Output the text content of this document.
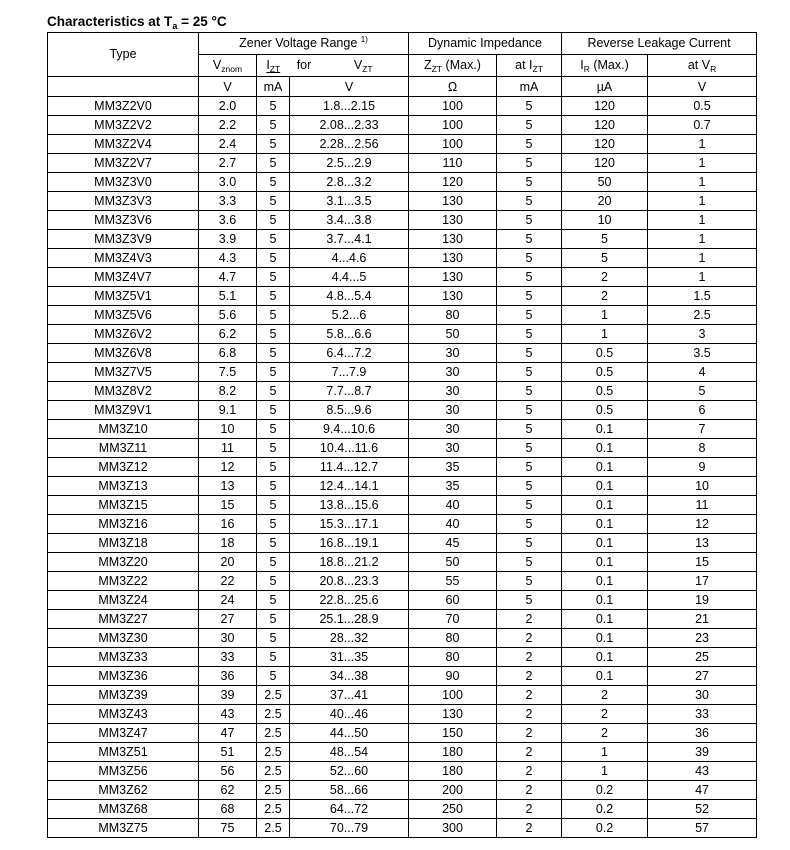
Characteristics at $T_a = 25$ °C
Type	Zener Voltage Range $^{1)}$				Dynamic Impedance		Reverse Leakage Current	
	$V_{znom}$	$I_{ZT}$	for	$V_{ZT}$	$Z_{ZT}$ (Max.)	at $I_{ZT}$	$I_R$ (Max.)	at $V_R$
	V	mA	V		Ω	mA	µA	V
MM3Z2V0	2.0	5	1.8...2.15		100	5	120	0.5
MM3Z2V2	2.2	5	2.08...2.33		100	5	120	0.7
MM3Z2V4	2.4	5	2.28...2.56		100	5	120	1
MM3Z2V7	2.7	5	2.5...2.9		110	5	120	1
MM3Z3V0	3.0	5	2.8...3.2		120	5	50	1
MM3Z3V3	3.3	5	3.1...3.5		130	5	20	1
MM3Z3V6	3.6	5	3.4...3.8		130	5	10	1
MM3Z3V9	3.9	5	3.7...4.1		130	5	5	1
MM3Z4V3	4.3	5	4...4.6		130	5	5	1
MM3Z4V7	4.7	5	4.4...5		130	5	2	1
MM3Z5V1	5.1	5	4.8...5.4		130	5	2	1.5
MM3Z5V6	5.6	5	5.2...6		80	5	1	2.5
MM3Z6V2	6.2	5	5.8...6.6		50	5	1	3
MM3Z6V8	6.8	5	6.4...7.2		30	5	0.5	3.5
MM3Z7V5	7.5	5	7...7.9		30	5	0.5	4
MM3Z8V2	8.2	5	7.7...8.7		30	5	0.5	5
MM3Z9V1	9.1	5	8.5...9.6		30	5	0.5	6
MM3Z10	10	5	9.4...10.6		30	5	0.1	7
MM3Z11	11	5	10.4...11.6		30	5	0.1	8
MM3Z12	12	5	11.4...12.7		35	5	0.1	9
MM3Z13	13	5	12.4...14.1		35	5	0.1	10
MM3Z15	15	5	13.8...15.6		40	5	0.1	11
MM3Z16	16	5	15.3...17.1		40	5	0.1	12
MM3Z18	18	5	16.8...19.1		45	5	0.1	13
MM3Z20	20	5	18.8...21.2		50	5	0.1	15
MM3Z22	22	5	20.8...23.3		55	5	0.1	17
MM3Z24	24	5	22.8...25.6		60	5	0.1	19
MM3Z27	27	5	25.1...28.9		70	2	0.1	21
MM3Z30	30	5	28...32		80	2	0.1	23
MM3Z33	33	5	31...35		80	2	0.1	25
MM3Z36	36	5	34...38		90	2	0.1	27
MM3Z39	39	2.5	37...41		100	2	2	30
MM3Z43	43	2.5	40...46		130	2	2	33
MM3Z47	47	2.5	44...50		150	2	2	36
MM3Z51	51	2.5	48...54		180	2	1	39
MM3Z56	56	2.5	52...60		180	2	1	43
MM3Z62	62	2.5	58...66		200	2	0.2	47
MM3Z68	68	2.5	64...72		250	2	0.2	52
MM3Z75	75	2.5	70...79		300	2	0.2	57
